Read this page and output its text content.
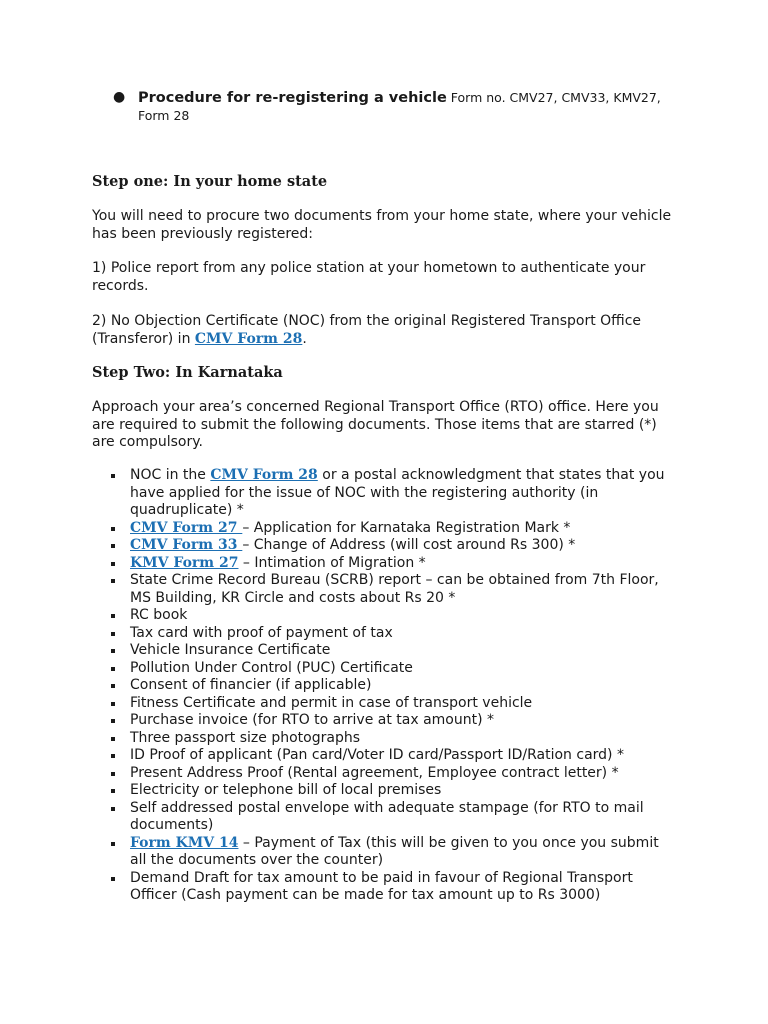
● Procedure for re-registering a vehicle Form no. CMV27, CMV33, KMV27, Form 28
Step one: In your home state
You will need to procure two documents from your home state, where your vehicle has been previously registered:
1) Police report from any police station at your hometown to authenticate your records.
2) No Objection Certificate (NOC) from the original Registered Transport Office (Transferor) in CMV Form 28.
Step Two: In Karnataka
Approach your area’s concerned Regional Transport Office (RTO) office. Here you are required to submit the following documents. Those items that are starred (*) are compulsory.
NOC in the CMV Form 28 or a postal acknowledgment that states that you have applied for the issue of NOC with the registering authority (in quadruplicate) *
CMV Form 27 – Application for Karnataka Registration Mark *
CMV Form 33 – Change of Address (will cost around Rs 300) *
KMV Form 27 – Intimation of Migration *
State Crime Record Bureau (SCRB) report – can be obtained from 7th Floor, MS Building, KR Circle and costs about Rs 20 *
RC book
Tax card with proof of payment of tax
Vehicle Insurance Certificate
Pollution Under Control (PUC) Certificate
Consent of financier (if applicable)
Fitness Certificate and permit in case of transport vehicle
Purchase invoice (for RTO to arrive at tax amount) *
Three passport size photographs
ID Proof of applicant (Pan card/Voter ID card/Passport ID/Ration card) *
Present Address Proof (Rental agreement, Employee contract letter) *
Electricity or telephone bill of local premises
Self addressed postal envelope with adequate stampage (for RTO to mail documents)
Form KMV 14 – Payment of Tax (this will be given to you once you submit all the documents over the counter)
Demand Draft for tax amount to be paid in favour of Regional Transport Officer (Cash payment can be made for tax amount up to Rs 3000)
